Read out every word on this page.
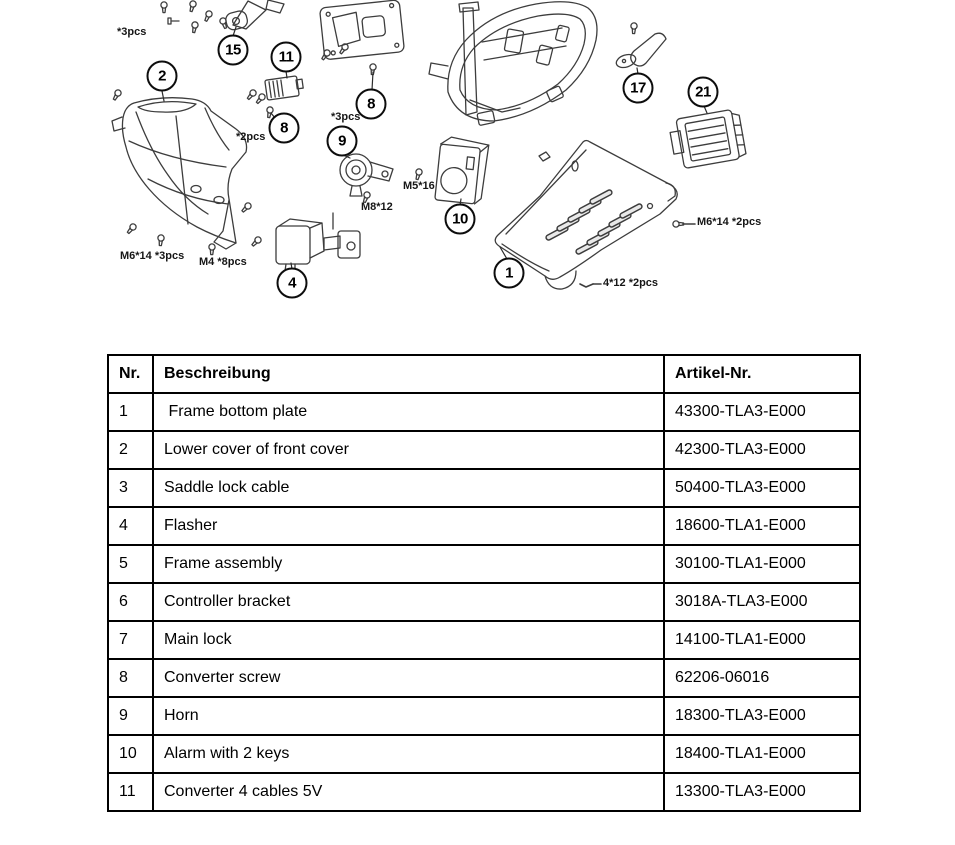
2
15	11
8
8
9
4
10
1
17	21
*3pcs
*2pcs
*3pcs
M8*12
M5*16
M6*14 *3pcs M4 *8pcs
M6*14 *2pcs
4*12 *2pcs
Nr.	Beschreibung	Artikel-Nr.
1	Frame bottom plate	43300-TLA3-E000
2	Lower cover of front cover	42300-TLA3-E000
3	Saddle lock cable	50400-TLA3-E000
4	Flasher	18600-TLA1-E000
5	Frame assembly	30100-TLA1-E000
6	Controller bracket	3018A-TLA3-E000
7	Main lock	14100-TLA1-E000
8	Converter screw	62206-06016
9	Horn	18300-TLA3-E000
10	Alarm with 2 keys	18400-TLA1-E000
11	Converter 4 cables 5V	13300-TLA3-E000
